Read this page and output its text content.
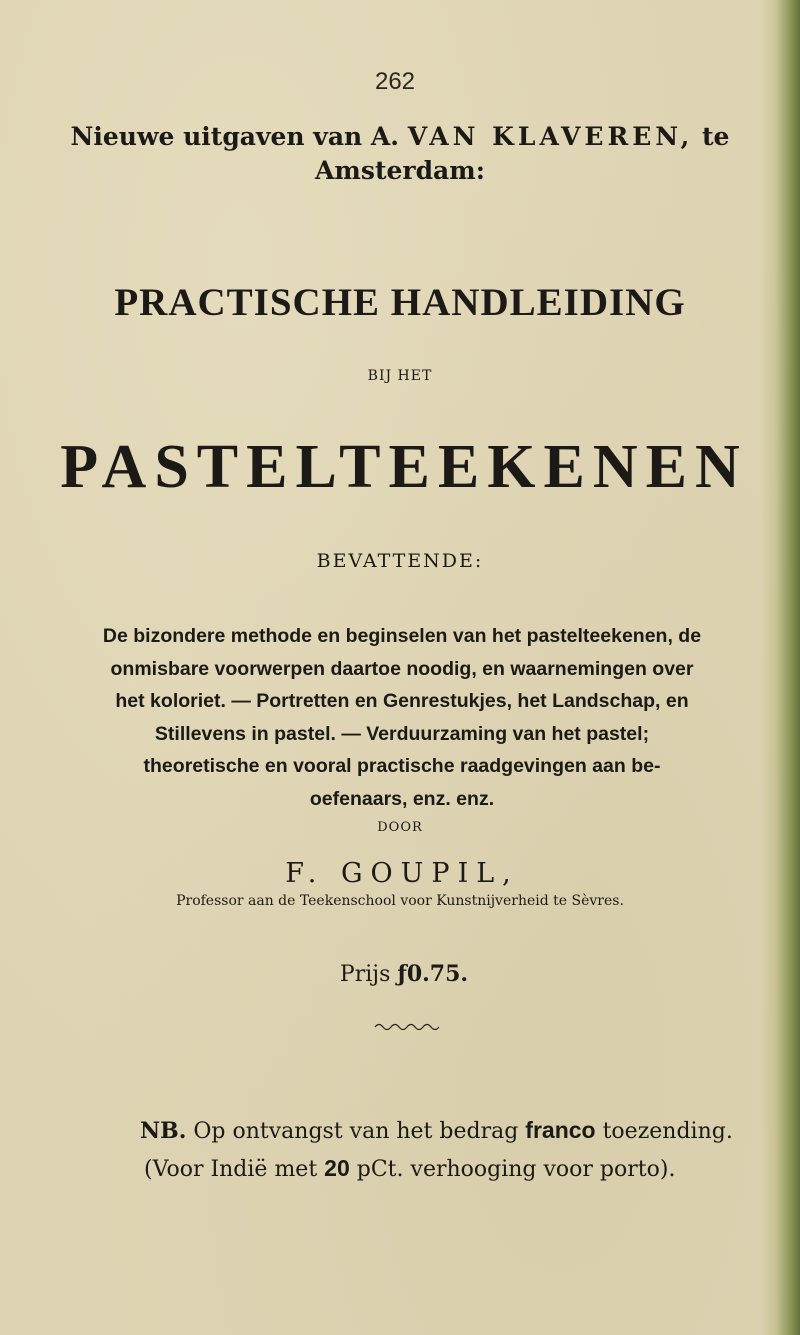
262
Nieuwe uitgaven van A. VAN KLAVEREN, te
Amsterdam:
PRACTISCHE HANDLEIDING
BIJ HET
PASTELTEEKENEN
BEVATTENDE:
De bizondere methode en beginselen van het pastelteekenen, de
onmisbare voorwerpen daartoe noodig, en waarnemingen over
het koloriet. — Portretten en Genrestukjes, het Landschap, en
Stillevens in pastel. — Verduurzaming van het pastel;
theoretische en vooral practische raadgevingen aan be-
oefenaars, enz. enz.
DOOR
F. GOUPIL,
Professor aan de Teekenschool voor Kunstnijverheid te Sèvres.
Prijs ƒ0.75.
NB. Op ontvangst van het bedrag franco toezending.
(Voor Indië met 20 pCt. verhooging voor porto).
